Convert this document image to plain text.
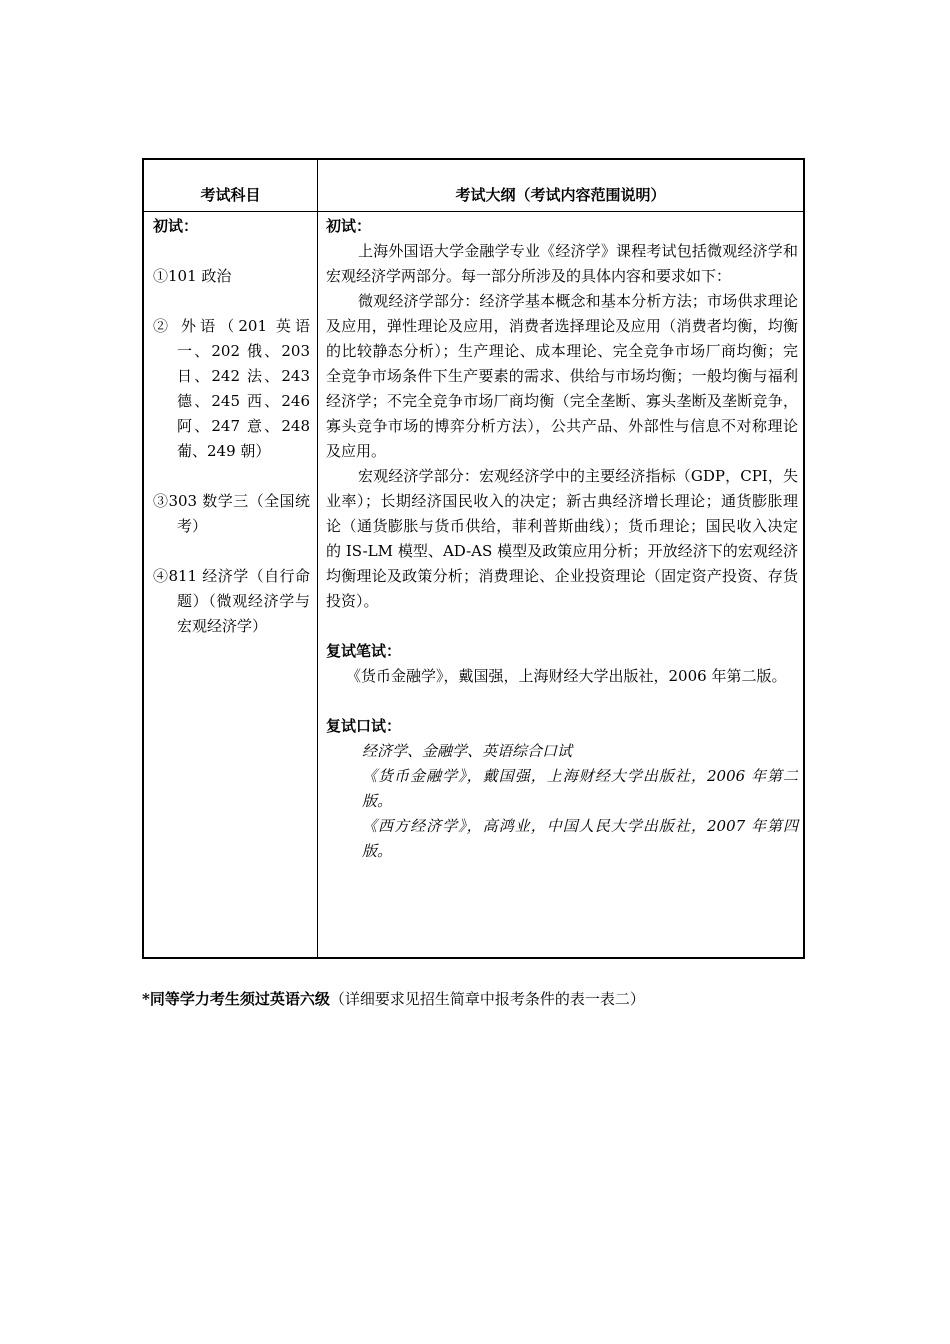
考试科目	考试大纲（考试内容范围说明）
初试：
①101 政治
② 外语（201 英语一、202 俄、203 日、242 法、243 德、245 西、246 阿、247 意、248 葡、249 朝）
③303 数学三（全国统考）
④811 经济学（自行命题）（微观经济学与宏观经济学）
初试：
上海外国语大学金融学专业《经济学》课程考试包括微观经济学和宏观经济学两部分。每一部分所涉及的具体内容和要求如下：
微观经济学部分：经济学基本概念和基本分析方法；市场供求理论及应用，弹性理论及应用，消费者选择理论及应用（消费者均衡，均衡的比较静态分析）；生产理论、成本理论、完全竞争市场厂商均衡；完全竞争市场条件下生产要素的需求、供给与市场均衡；一般均衡与福利经济学；不完全竞争市场厂商均衡（完全垄断、寡头垄断及垄断竞争，寡头竞争市场的博弈分析方法），公共产品、外部性与信息不对称理论及应用。
宏观经济学部分：宏观经济学中的主要经济指标（GDP，CPI，失业率）；长期经济国民收入的决定；新古典经济增长理论；通货膨胀理论（通货膨胀与货币供给，菲利普斯曲线）；货币理论；国民收入决定的 IS-LM 模型、AD-AS 模型及政策应用分析；开放经济下的宏观经济均衡理论及政策分析；消费理论、企业投资理论（固定资产投资、存货投资）。
复试笔试：
《货币金融学》，戴国强，上海财经大学出版社，2006 年第二版。
复试口试：
经济学、金融学、英语综合口试
《货币金融学》，戴国强，上海财经大学出版社，2006 年第二版。
《西方经济学》，高鸿业，中国人民大学出版社，2007 年第四版。
*同等学力考生须过英语六级（详细要求见招生简章中报考条件的表一表二）
